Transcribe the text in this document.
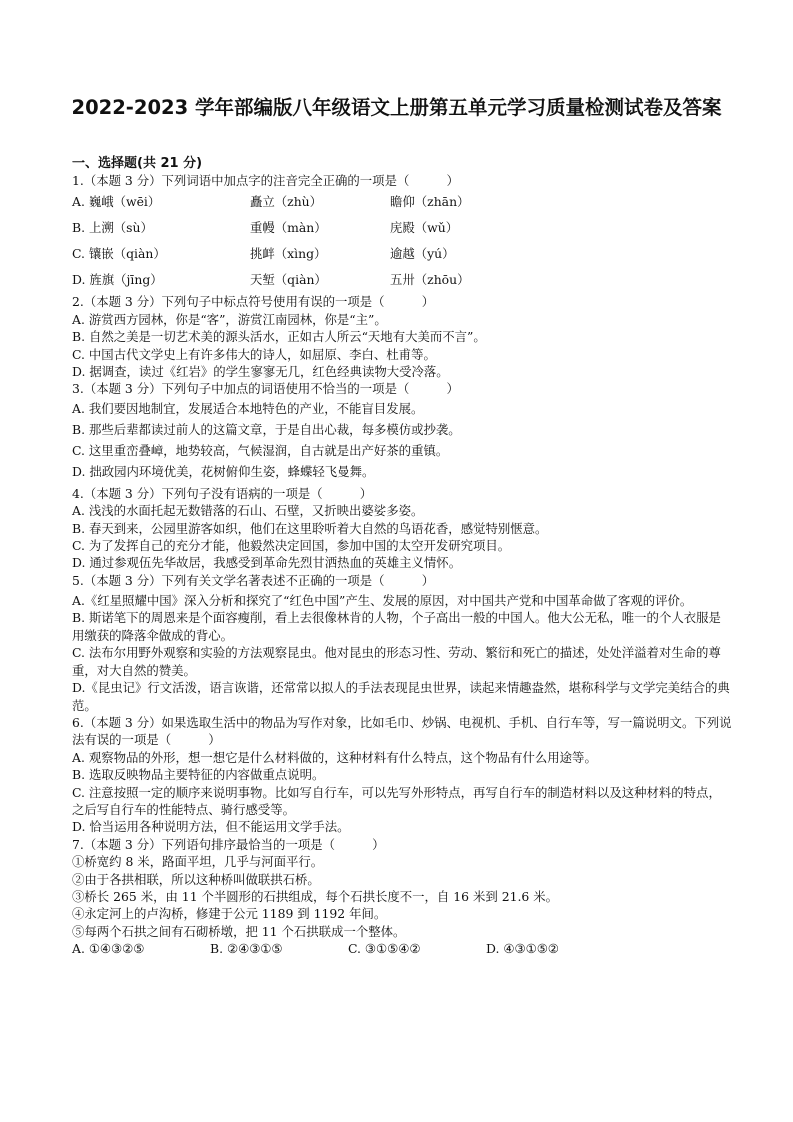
2022-2023 学年部编版八年级语文上册第五单元学习质量检测试卷及答案
一、选择题(共 21 分)
1.（本题 3 分）下列词语中加点字的注音完全正确的一项是（　　　）
A. 巍峨（wēi）	矗立（zhù）	瞻仰（zhān）
B. 上溯（sù）	重幔（màn）	庑殿（wǔ）
C. 镶嵌（qiàn）	挑衅（xìng）	逾越（yú）
D. 旌旗（jīng）	天堑（qiàn）	五卅（zhōu）
2.（本题 3 分）下列句子中标点符号使用有误的一项是（　　　）
A. 游赏西方园林，你是“客”，游赏江南园林，你是“主”。
B. 自然之美是一切艺术美的源头活水，正如古人所云“天地有大美而不言”。
C. 中国古代文学史上有许多伟大的诗人，如屈原、李白、杜甫等。
D. 据调查，读过《红岩》的学生寥寥无几，红色经典读物大受冷落。
3.（本题 3 分）下列句子中加点的词语使用不恰当的一项是（　　　）
A. 我们要因地制宜，发展适合本地特色的产业，不能盲目发展。
B. 那些后辈都读过前人的这篇文章，于是自出心裁，每多模仿或抄袭。
C. 这里重峦叠嶂，地势较高，气候湿润，自古就是出产好茶的重镇。
D. 拙政园内环境优美，花树俯仰生姿，蜂蝶轻飞曼舞。
4.（本题 3 分）下列句子没有语病的一项是（　　　）
A. 浅浅的水面托起无数错落的石山、石壁，又折映出婆娑多姿。
B. 春天到来，公园里游客如织，他们在这里聆听着大自然的鸟语花香，感觉特别惬意。
C. 为了发挥自己的充分才能，他毅然决定回国，参加中国的太空开发研究项目。
D. 通过参观伍先华故居，我感受到革命先烈甘洒热血的英雄主义情怀。
5.（本题 3 分）下列有关文学名著表述不正确的一项是（　　　）
A.《红星照耀中国》深入分析和探究了“红色中国”产生、发展的原因，对中国共产党和中国革命做了客观的评价。
B. 斯诺笔下的周恩来是个面容瘦削，看上去很像林肯的人物，个子高出一般的中国人。他大公无私，唯一的个人衣服是用缴获的降落伞做成的背心。
C. 法布尔用野外观察和实验的方法观察昆虫。他对昆虫的形态习性、劳动、繁衍和死亡的描述，处处洋溢着对生命的尊重，对大自然的赞美。
D.《昆虫记》行文活泼，语言诙谐，还常常以拟人的手法表现昆虫世界，读起来情趣盎然，堪称科学与文学完美结合的典范。
6.（本题 3 分）如果选取生活中的物品为写作对象，比如毛巾、炒锅、电视机、手机、自行车等，写一篇说明文。下列说法有误的一项是（　　　）
A. 观察物品的外形，想一想它是什么材料做的，这种材料有什么特点，这个物品有什么用途等。
B. 选取反映物品主要特征的内容做重点说明。
C. 注意按照一定的顺序来说明事物。比如写自行车，可以先写外形特点，再写自行车的制造材料以及这种材料的特点，之后写自行车的性能特点、骑行感受等。
D. 恰当运用各种说明方法，但不能运用文学手法。
7.（本题 3 分）下列语句排序最恰当的一项是（　　　）
①桥宽约 8 米，路面平坦，几乎与河面平行。
②由于各拱相联，所以这种桥叫做联拱石桥。
③桥长 265 米，由 11 个半圆形的石拱组成，每个石拱长度不一，自 16 米到 21.6 米。
④永定河上的卢沟桥，修建于公元 1189 到 1192 年间。
⑤每两个石拱之间有石砌桥墩，把 11 个石拱联成一个整体。
A. ①④③②⑤	B. ②④③①⑤	C. ③①⑤④②	D. ④③①⑤②
